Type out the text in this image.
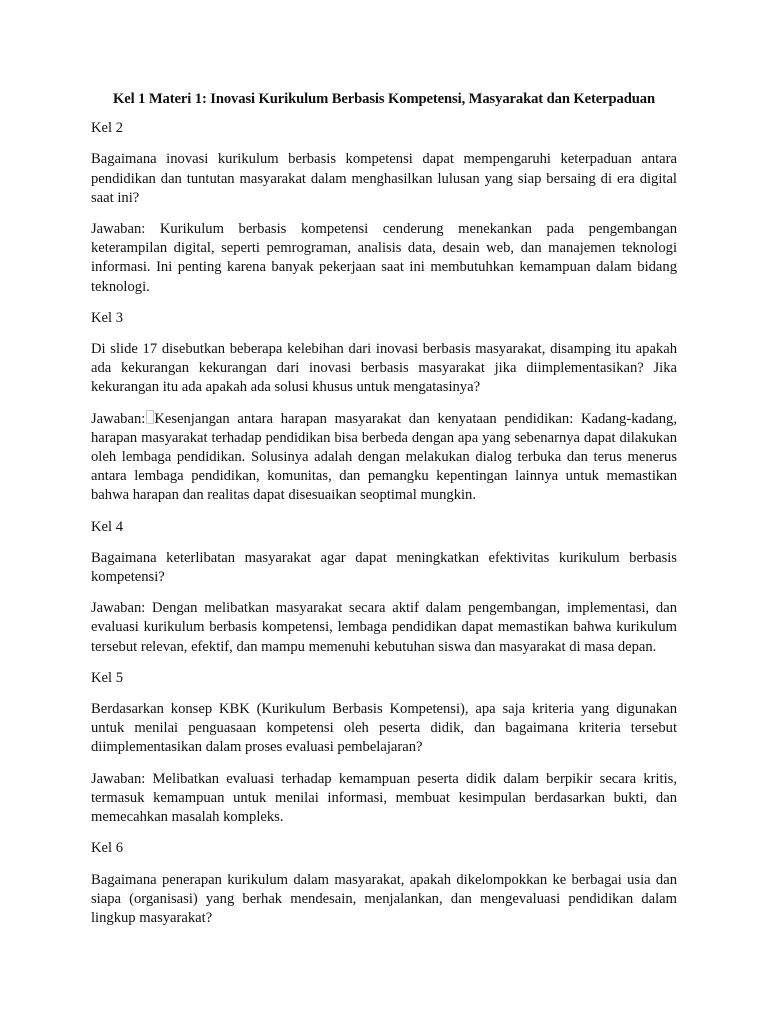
Kel 1 Materi 1: Inovasi Kurikulum Berbasis Kompetensi, Masyarakat dan Keterpaduan
Kel 2

Bagaimana inovasi kurikulum berbasis kompetensi dapat mempengaruhi keterpaduan antara pendidikan dan tuntutan masyarakat dalam menghasilkan lulusan yang siap bersaing di era digital saat ini?

Jawaban: Kurikulum berbasis kompetensi cenderung menekankan pada pengembangan keterampilan digital, seperti pemrograman, analisis data, desain web, dan manajemen teknologi informasi. Ini penting karena banyak pekerjaan saat ini membutuhkan kemampuan dalam bidang teknologi.

Kel 3

Di slide 17 disebutkan beberapa kelebihan dari inovasi berbasis masyarakat, disamping itu apakah ada kekurangan kekurangan dari inovasi berbasis masyarakat jika diimplementasikan? Jika kekurangan itu ada apakah ada solusi khusus untuk mengatasinya?

Jawaban: Kesenjangan antara harapan masyarakat dan kenyataan pendidikan: Kadang-kadang, harapan masyarakat terhadap pendidikan bisa berbeda dengan apa yang sebenarnya dapat dilakukan oleh lembaga pendidikan. Solusinya adalah dengan melakukan dialog terbuka dan terus menerus antara lembaga pendidikan, komunitas, dan pemangku kepentingan lainnya untuk memastikan bahwa harapan dan realitas dapat disesuaikan seoptimal mungkin.

Kel 4

Bagaimana keterlibatan masyarakat agar dapat meningkatkan efektivitas kurikulum berbasis kompetensi?

Jawaban: Dengan melibatkan masyarakat secara aktif dalam pengembangan, implementasi, dan evaluasi kurikulum berbasis kompetensi, lembaga pendidikan dapat memastikan bahwa kurikulum tersebut relevan, efektif, dan mampu memenuhi kebutuhan siswa dan masyarakat di masa depan.

Kel 5

Berdasarkan konsep KBK (Kurikulum Berbasis Kompetensi), apa saja kriteria yang digunakan untuk menilai penguasaan kompetensi oleh peserta didik, dan bagaimana kriteria tersebut diimplementasikan dalam proses evaluasi pembelajaran?

Jawaban: Melibatkan evaluasi terhadap kemampuan peserta didik dalam berpikir secara kritis, termasuk kemampuan untuk menilai informasi, membuat kesimpulan berdasarkan bukti, dan memecahkan masalah kompleks.

Kel 6

Bagaimana penerapan kurikulum dalam masyarakat, apakah dikelompokkan ke berbagai usia dan siapa (organisasi) yang berhak mendesain, menjalankan, dan mengevaluasi pendidikan dalam lingkup masyarakat?
